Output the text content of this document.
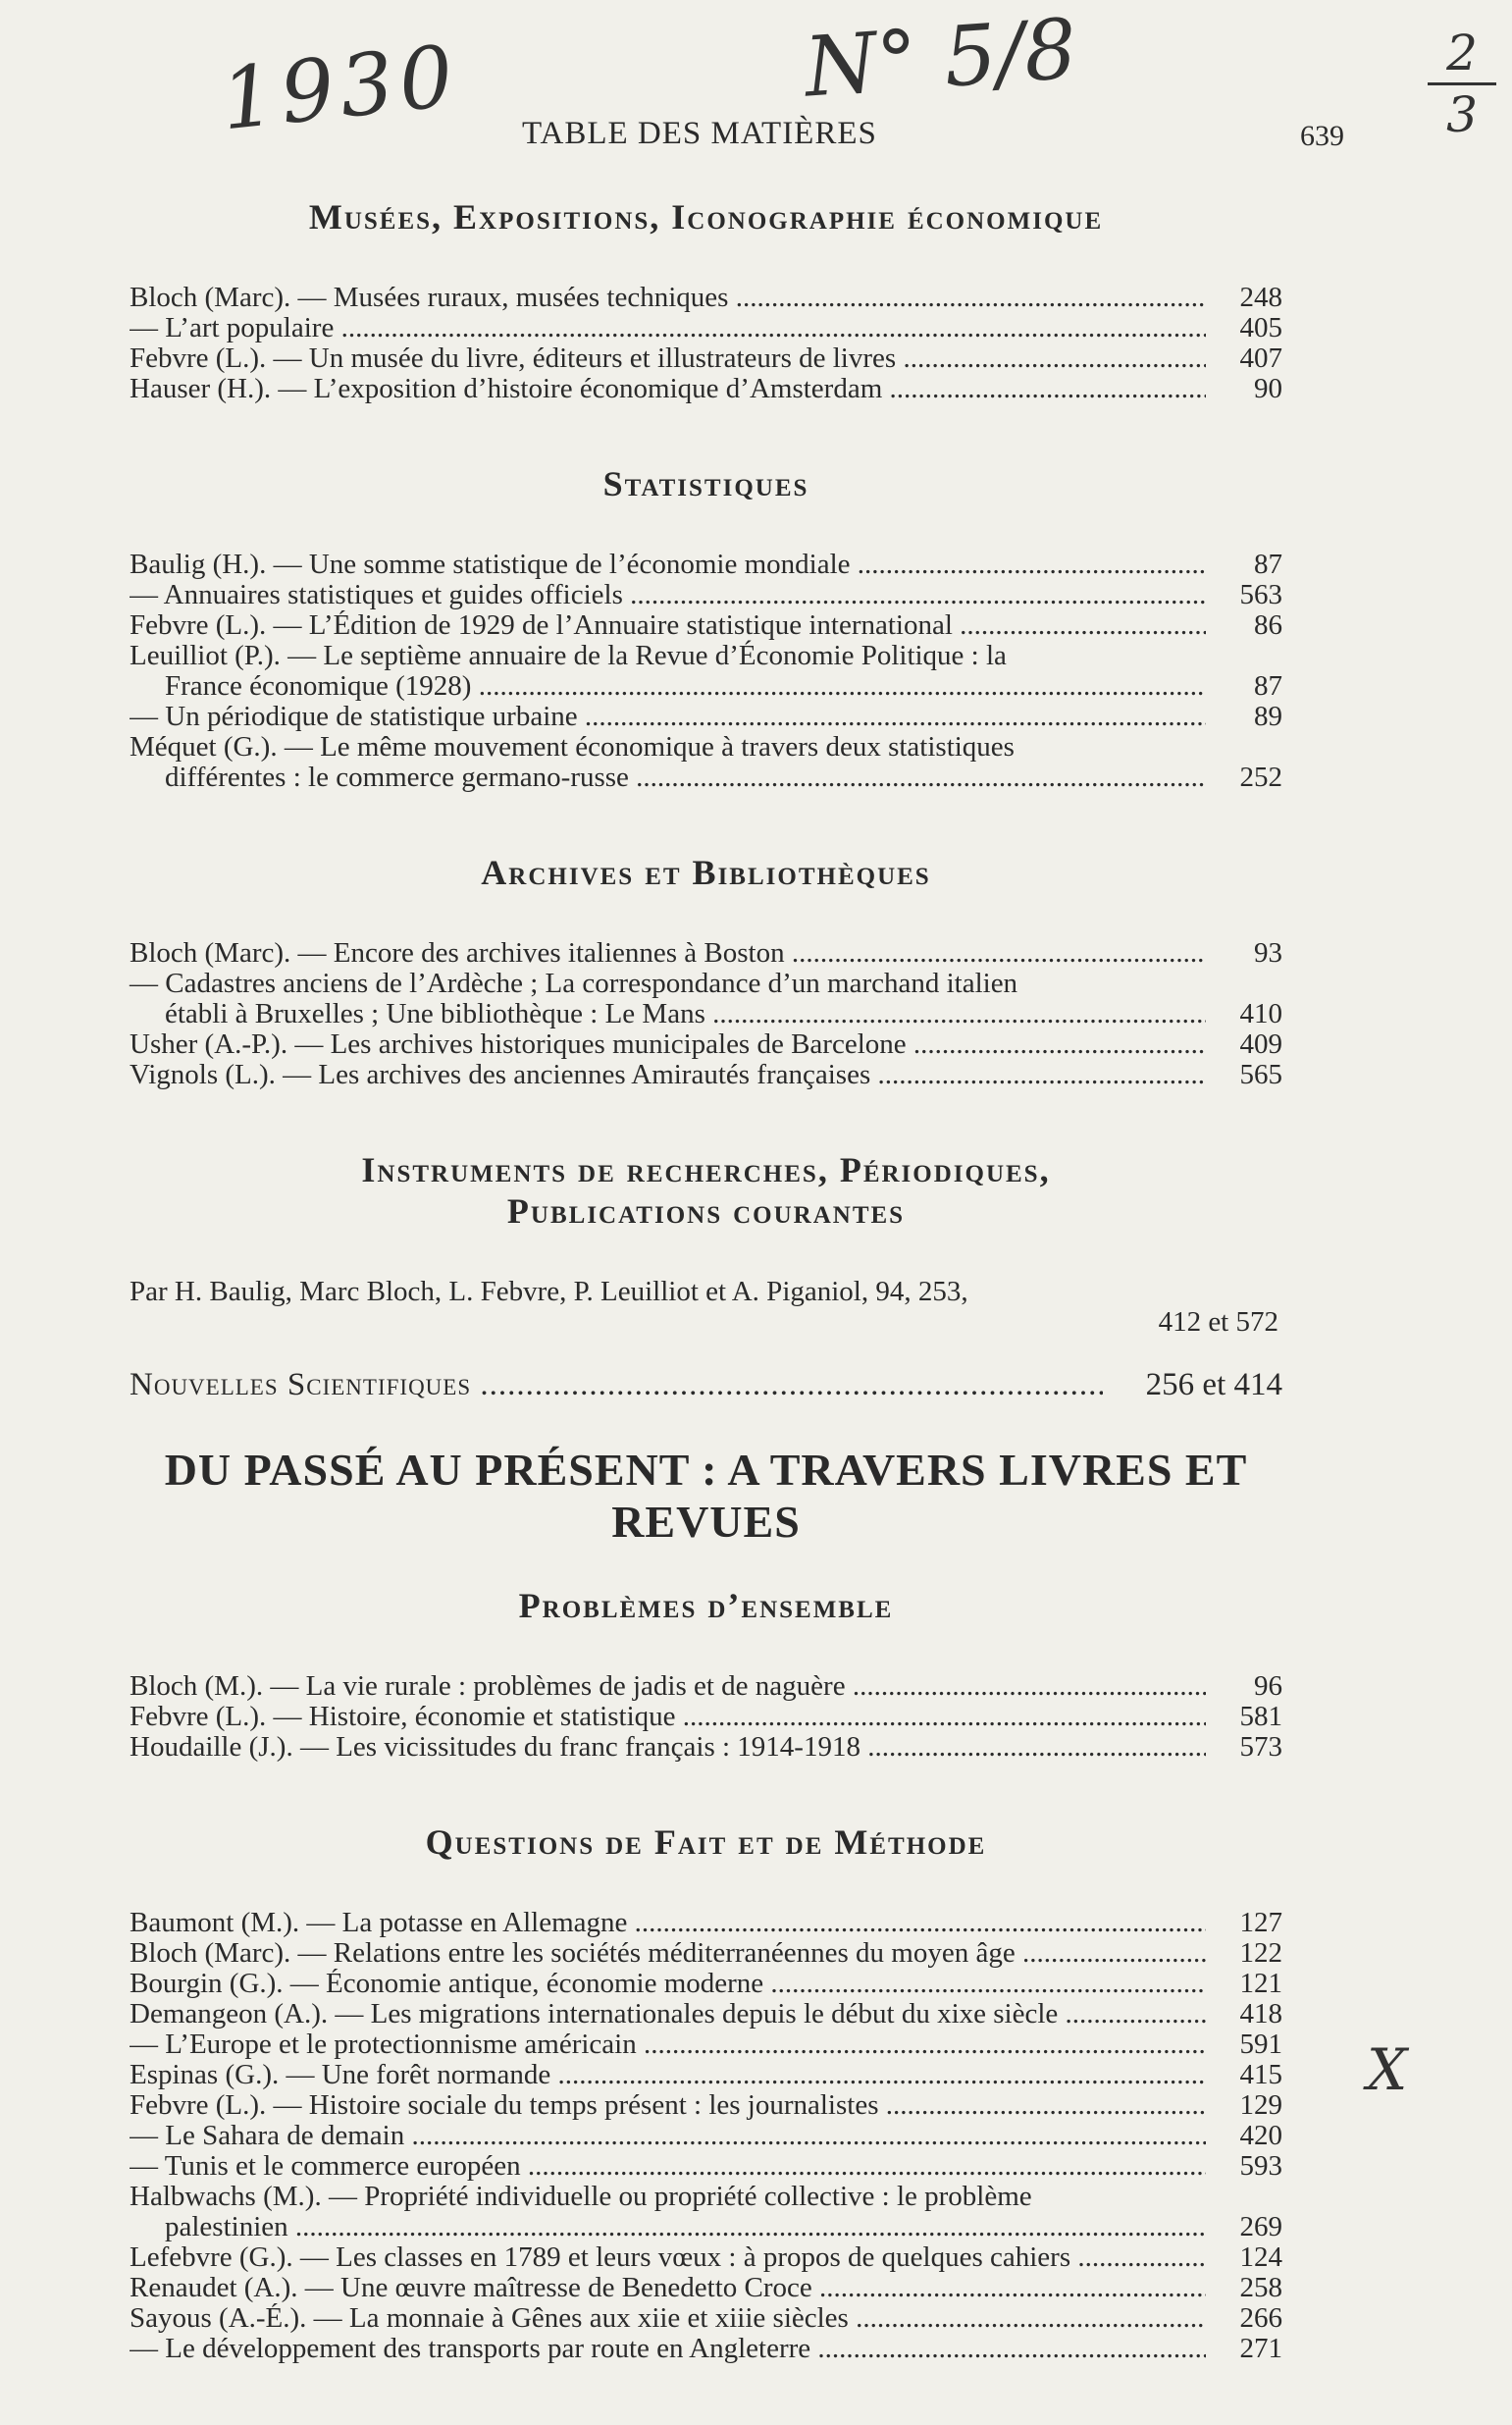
1930	N° 5/8	2
3
X
TABLE DES MATIÈRES	639
Musées, Expositions, Iconographie économique
Bloch (Marc). — Musées ruraux, musées techniques .....	248
— L’art populaire .....	405
Febvre (L.). — Un musée du livre, éditeurs et illustrateurs de livres .....	407
Hauser (H.). — L’exposition d’histoire économique d’Amsterdam .....	90
Statistiques
Baulig (H.). — Une somme statistique de l’économie mondiale .....	87
— Annuaires statistiques et guides officiels .....	563
Febvre (L.). — L’Édition de 1929 de l’Annuaire statistique international .....	86
Leuilliot (P.). — Le septième annuaire de la Revue d’Économie Politique : la
France économique (1928) .....	87
— Un périodique de statistique urbaine .....	89
Méquet (G.). — Le même mouvement économique à travers deux statistiques
différentes : le commerce germano-russe .....	252
Archives et Bibliothèques
Bloch (Marc). — Encore des archives italiennes à Boston .....	93
— Cadastres anciens de l’Ardèche ; La correspondance d’un marchand italien
établi à Bruxelles ; Une bibliothèque : Le Mans .....	410
Usher (A.-P.). — Les archives historiques municipales de Barcelone .....	409
Vignols (L.). — Les archives des anciennes Amirautés françaises .....	565
Instruments de recherches, Périodiques,
Publications courantes
Par H. Baulig, Marc Bloch, L. Febvre, P. Leuilliot et A. Piganiol, 94, 253,
412 et 572
Nouvelles Scientifiques .....	256 et 414
DU PASSÉ AU PRÉSENT : A TRAVERS LIVRES ET REVUES
Problèmes d’ensemble
Bloch (M.). — La vie rurale : problèmes de jadis et de naguère .....	96
Febvre (L.). — Histoire, économie et statistique .....	581
Houdaille (J.). — Les vicissitudes du franc français : 1914-1918 .....	573
Questions de Fait et de Méthode
Baumont (M.). — La potasse en Allemagne .....	127
Bloch (Marc). — Relations entre les sociétés méditerranéennes du moyen âge .....	122
Bourgin (G.). — Économie antique, économie moderne .....	121
Demangeon (A.). — Les migrations internationales depuis le début du xixe siècle .....	418
— L’Europe et le protectionnisme américain .....	591
Espinas (G.). — Une forêt normande .....	415
Febvre (L.). — Histoire sociale du temps présent : les journalistes .....	129
— Le Sahara de demain .....	420
— Tunis et le commerce européen .....	593
Halbwachs (M.). — Propriété individuelle ou propriété collective : le problème
palestinien .....	269
Lefebvre (G.). — Les classes en 1789 et leurs vœux : à propos de quelques cahiers .....	124
Renaudet (A.). — Une œuvre maîtresse de Benedetto Croce .....	258
Sayous (A.-É.). — La monnaie à Gênes aux xiie et xiiie siècles .....	266
— Le développement des transports par route en Angleterre .....	271
